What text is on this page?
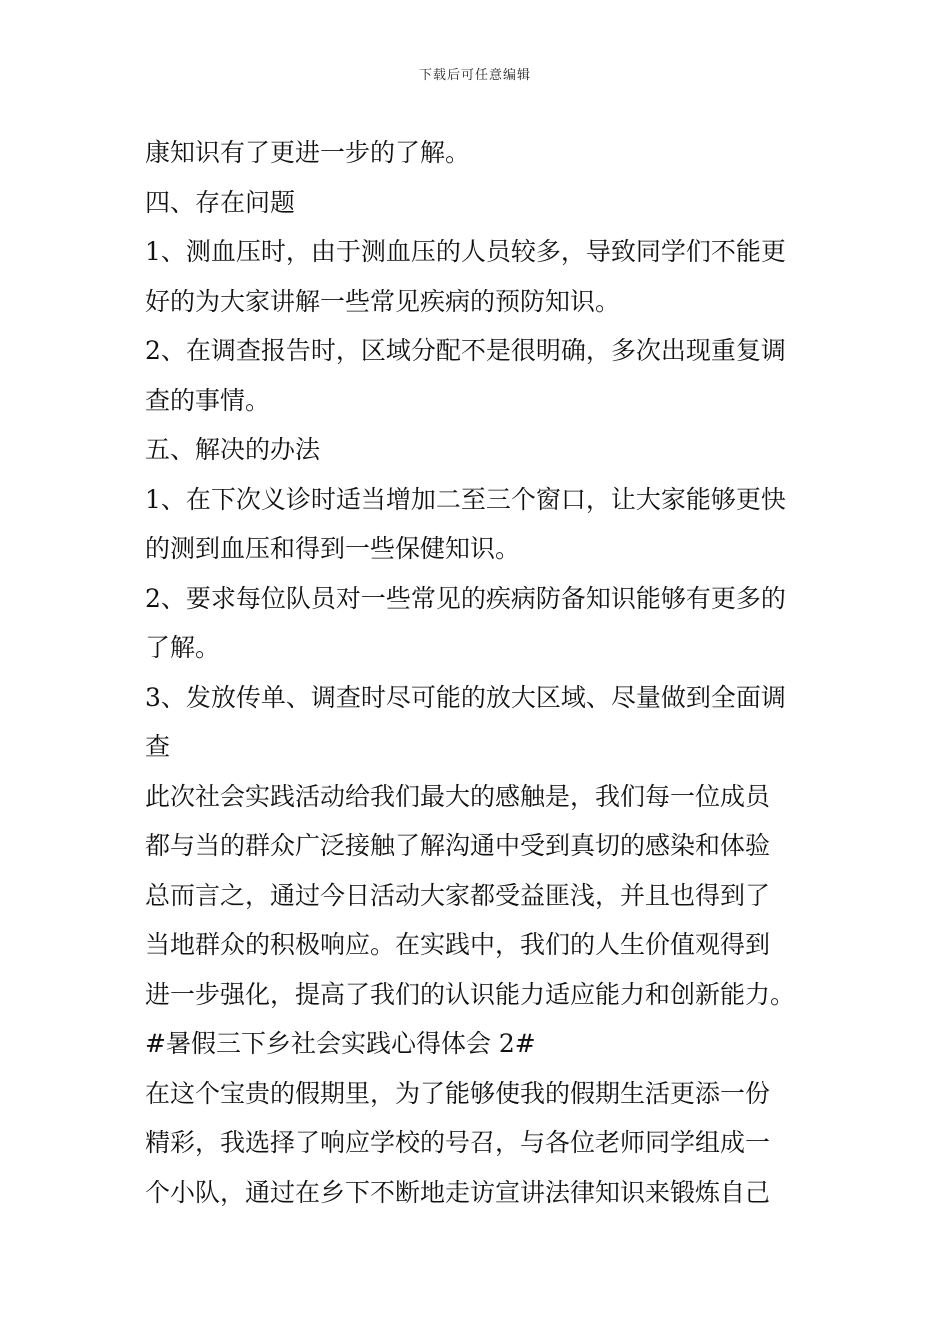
下载后可任意编辑
康知识有了更进一步的了解。
四、存在问题
1、测血压时，由于测血压的人员较多，导致同学们不能更
好的为大家讲解一些常见疾病的预防知识。
2、在调查报告时，区域分配不是很明确，多次出现重复调
查的事情。
五、解决的办法
1、在下次义诊时适当增加二至三个窗口，让大家能够更快
的测到血压和得到一些保健知识。
2、要求每位队员对一些常见的疾病防备知识能够有更多的
了解。
3、发放传单、调查时尽可能的放大区域、尽量做到全面调
查
此次社会实践活动给我们最大的感触是，我们每一位成员
都与当的群众广泛接触了解沟通中受到真切的感染和体验
总而言之，通过今日活动大家都受益匪浅，并且也得到了
当地群众的积极响应。在实践中，我们的人生价值观得到
进一步强化，提高了我们的认识能力适应能力和创新能力。
#暑假三下乡社会实践心得体会 2#
在这个宝贵的假期里，为了能够使我的假期生活更添一份
精彩，我选择了响应学校的号召，与各位老师同学组成一
个小队，通过在乡下不断地走访宣讲法律知识来锻炼自己
